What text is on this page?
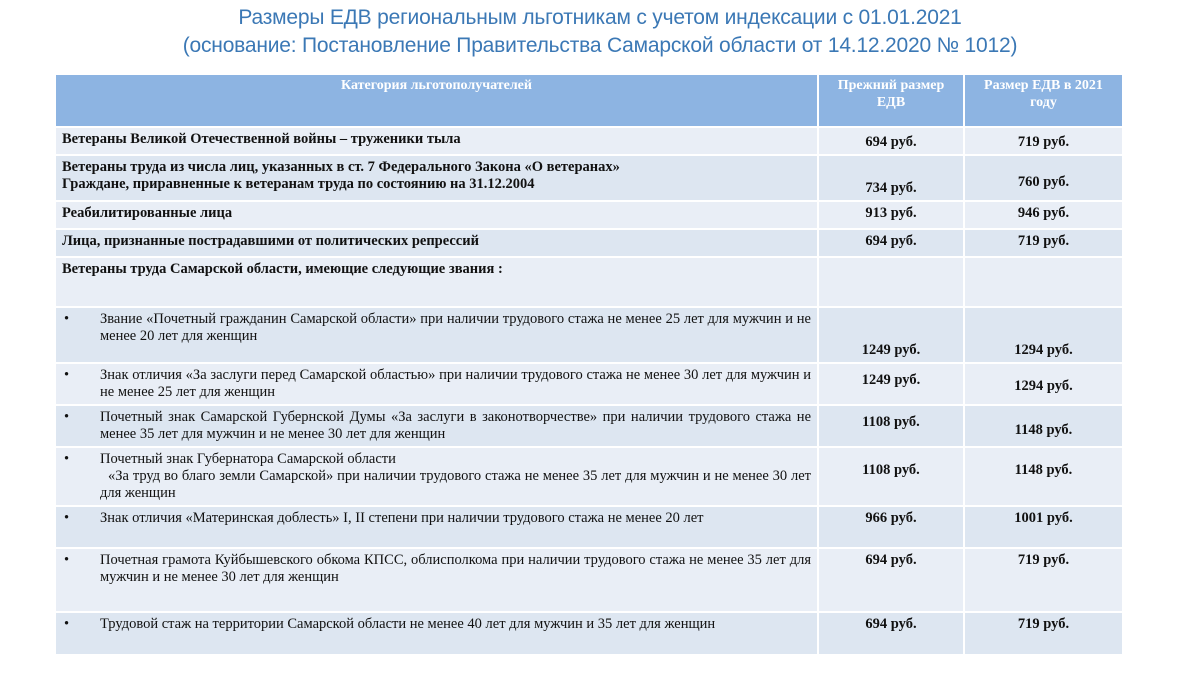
Размеры ЕДВ региональным льготникам с учетом индексации с 01.01.2021
(основание: Постановление Правительства Самарской области от 14.12.2020 № 1012)
Категория льготополучателей	Прежний размер ЕДВ	Размер ЕДВ в 2021 году
Ветераны Великой Отечественной войны – труженики тыла	694 руб.	719 руб.

Ветераны труда из числа лиц, указанных в ст. 7 Федерального Закона «О ветеранах»
Граждане, приравненные к ветеранам труда по состоянию на 31.12.2004	734 руб.	760 руб.
Реабилитированные лица	913 руб.	946 руб.
Лица, признанные пострадавшими от политических репрессий	694 руб.	719 руб.
Ветераны труда Самарской области, имеющие следующие звания :		

• Звание «Почетный гражданин Самарской области» при наличии трудового стажа не менее 25 лет для мужчин и не менее 20 лет для женщин	1249 руб.	1294 руб.

• Знак отличия «За заслуги перед Самарской областью» при наличии трудового стажа не менее 30 лет для мужчин и не менее 25 лет для женщин	1249 руб.	1294 руб.

• Почетный знак Самарской Губернской Думы «За заслуги в законотворчестве» при наличии трудового стажа не менее 35 лет для мужчин и не менее 30 лет для женщин	1108 руб.	1148 руб.

• Почетный знак Губернатора Самарской области
«За труд во благо земли Самарской» при наличии трудового стажа не менее 35 лет для мужчин и не менее 30 лет для женщин	1108 руб.	1148 руб.

• Знак отличия «Материнская доблесть» I, II степени при наличии трудового стажа не менее 20 лет	966 руб.	1001 руб.

• Почетная грамота Куйбышевского обкома КПСС, облисполкома при наличии трудового стажа не менее 35 лет для мужчин и не менее 30 лет для женщин	694 руб.	719 руб.

• Трудовой стаж на территории Самарской области не менее 40 лет для мужчин и 35 лет для женщин	694 руб.	719 руб.
